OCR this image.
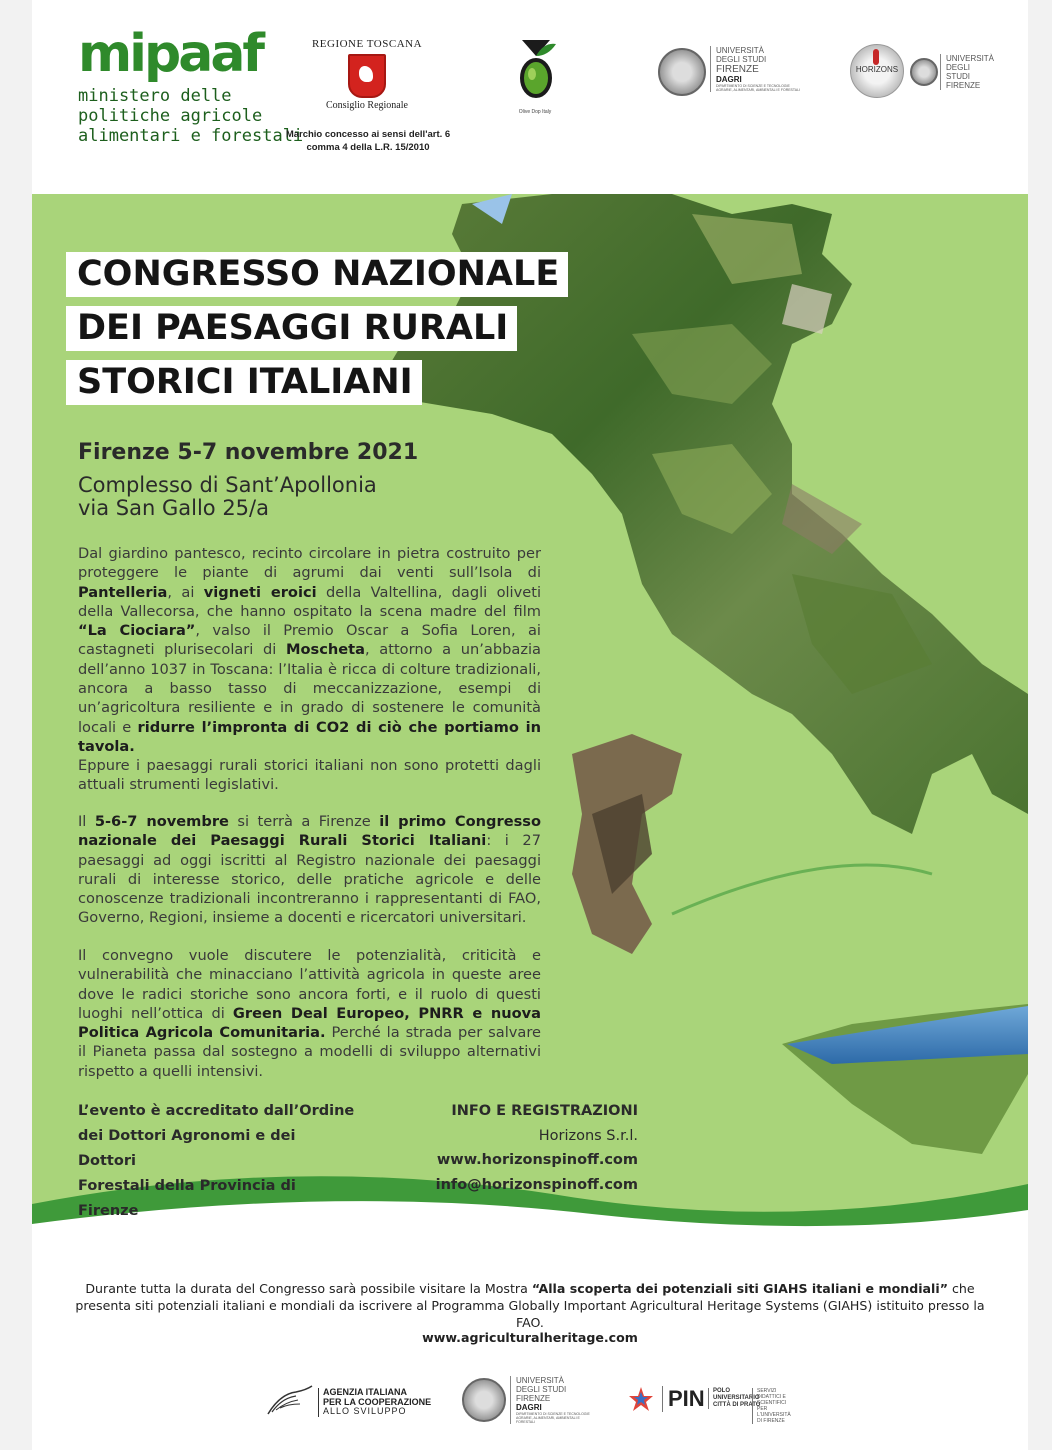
mipaaf
ministero delle
politiche agricole
alimentari e forestali
REGIONE TOSCANA
Consiglio Regionale
Marchio concesso ai sensi dell'art. 6
comma 4 della L.R. 15/2010
Olive Dop Italy
UNIVERSITÀ
DEGLI STUDI
FIRENZE
DAGRI
DIPARTIMENTO DI SCIENZE E TECNOLOGIE AGRARIE, ALIMENTARI, AMBIENTALI E FORESTALI
HORIZONS
UNIVERSITÀ
DEGLI STUDI
FIRENZE
CONGRESSO NAZIONALE
DEI PAESAGGI RURALI
STORICI ITALIANI
Firenze 5-7 novembre 2021
Complesso di Sant’Apollonia
via San Gallo 25/a
Dal giardino pantesco, recinto circolare in pietra costruito per proteggere le piante di agrumi dai venti sull’Isola di Pantelleria, ai vigneti eroici della Valtellina, dagli oliveti della Vallecorsa, che hanno ospitato la scena madre del film “La Ciociara”, valso il Premio Oscar a Sofia Loren, ai castagneti plurisecolari di Moscheta, attorno a un’abbazia dell’anno 1037 in Toscana: l’Italia è ricca di colture tradizionali, ancora a basso tasso di meccanizzazione, esempi di un’agricoltura resiliente e in grado di sostenere le comunità locali e ridurre l’impronta di CO2 di ciò che portiamo in tavola.
Eppure i paesaggi rurali storici italiani non sono protetti dagli attuali strumenti legislativi.
Il 5-6-7 novembre si terrà a Firenze il primo Congresso nazionale dei Paesaggi Rurali Storici Italiani: i 27 paesaggi ad oggi iscritti al Registro nazionale dei paesaggi rurali di interesse storico, delle pratiche agricole e delle conoscenze tradizionali incontreranno i rappresentanti di FAO, Governo, Regioni, insieme a docenti e ricercatori universitari.
Il convegno vuole discutere le potenzialità, criticità e vulnerabilità che minacciano l’attività agricola in queste aree dove le radici storiche sono ancora forti, e il ruolo di questi luoghi nell’ottica di Green Deal Europeo, PNRR e nuova Politica Agricola Comunitaria. Perché la strada per salvare il Pianeta passa dal sostegno a modelli di sviluppo alternativi rispetto a quelli intensivi.
L’evento è accreditato dall’Ordine
dei Dottori Agronomi e dei Dottori
Forestali della Provincia di Firenze
INFO E REGISTRAZIONI
Horizons S.r.l.
www.horizonspinoff.com
info@horizonspinoff.com
Durante tutta la durata del Congresso sarà possibile visitare la Mostra “Alla scoperta dei potenziali siti GIAHS italiani e mondiali” che presenta siti potenziali italiani e mondiali da iscrivere al Programma Globally Important Agricultural Heritage Systems (GIAHS) istituito presso la FAO.
www.agriculturalheritage.com
AGENZIA ITALIANA
PER LA COOPERAZIONE
ALLO SVILUPPO
UNIVERSITÀ
DEGLI STUDI
FIRENZE
DAGRI
DIPARTIMENTO DI SCIENZE E TECNOLOGIE AGRARIE, ALIMENTARI, AMBIENTALI E FORESTALI
PIN POLO
UNIVERSITARIO
CITTÀ DI PRATO
SERVIZI DIDATTICI E SCIENTIFICI PER L'UNIVERSITÀ DI FIRENZE
